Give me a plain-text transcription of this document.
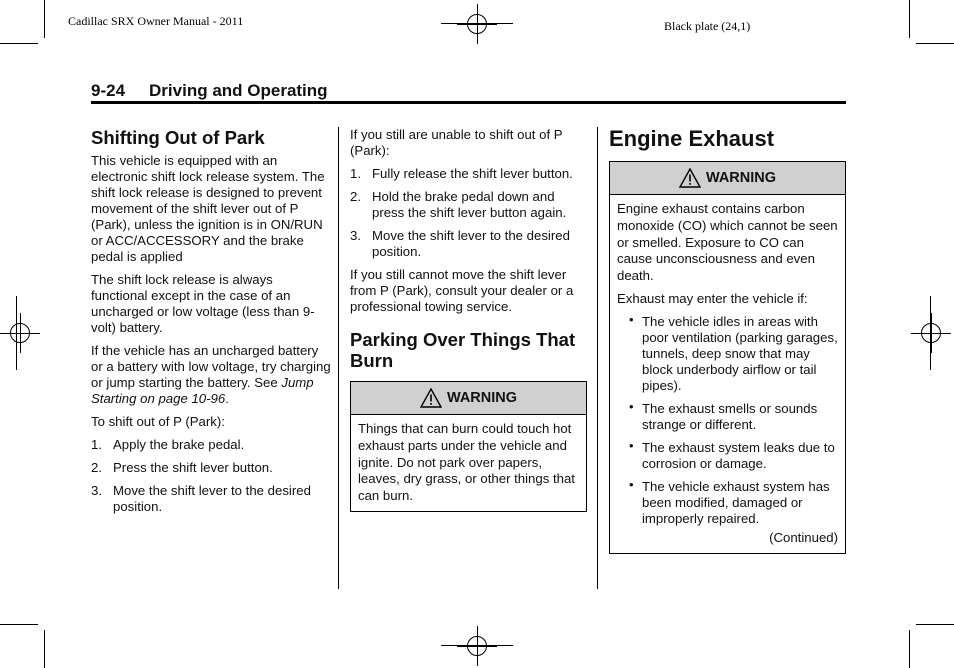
Cadillac SRX Owner Manual - 2011	Black plate (24,1)
9-24 Driving and Operating
Shifting Out of Park

This vehicle is equipped with an electronic shift lock release system. The shift lock release is designed to prevent movement of the shift lever out of P (Park), unless the ignition is in ON/RUN or ACC/ACCESSORY and the brake pedal is applied

The shift lock release is always functional except in the case of an uncharged or low voltage (less than 9-volt) battery.

If the vehicle has an uncharged battery or a battery with low voltage, try charging or jump starting the battery. See Jump Starting on page 10-96.

To shift out of P (Park):

1. Apply the brake pedal.
2. Press the shift lever button.
3. Move the shift lever to the desired position.

If you still are unable to shift out of P (Park):

1. Fully release the shift lever button.
2. Hold the brake pedal down and press the shift lever button again.
3. Move the shift lever to the desired position.

If you still cannot move the shift lever from P (Park), consult your dealer or a professional towing service.

Parking Over Things That Burn
WARNING

Things that can burn could touch hot exhaust parts under the vehicle and ignite. Do not park over papers, leaves, dry grass, or other things that can burn.

Engine Exhaust
WARNING

Engine exhaust contains carbon monoxide (CO) which cannot be seen or smelled. Exposure to CO can cause unconsciousness and even death.

Exhaust may enter the vehicle if:

• The vehicle idles in areas with poor ventilation (parking garages, tunnels, deep snow that may block underbody airflow or tail pipes).
• The exhaust smells or sounds strange or different.
• The exhaust system leaks due to corrosion or damage.
• The vehicle exhaust system has been modified, damaged or improperly repaired.
(Continued)
